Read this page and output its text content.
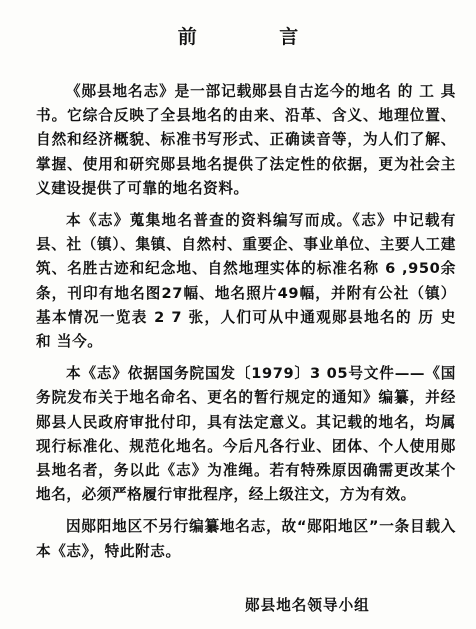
前 言

《郧县地名志》是一部记载郧县自古迄今的地名 的 工 具书。它综合反映了全县地名的由来、沿革、含义、地理位置、自然和经济概貌、标准书写形式、正确读音等，为人们了解、掌握、使用和研究郧县地名提供了法定性的依据，更为社会主义建设提供了可靠的地名资料。

本《志》蒐集地名普查的资料编写而成。《志》中记载有县、社（镇）、集镇、自然村、重要企、事业单位、主要人工建筑、名胜古迹和纪念地、自然地理实体的标准名称 6 ,950余条，刊印有地名图27幅、地名照片49幅，并附有公社（镇）基本情况一览表 2 7 张，人们可从中通观郧县地名的 历 史 和 当今。

本《志》依据国务院国发〔1979〕3 05号文件——《国务院发布关于地名命名、更名的暂行规定的通知》编纂，并经郧县人民政府审批付印，具有法定意义。其记载的地名，均属现行标准化、规范化地名。今后凡各行业、团体、个人使用郧县地名者，务以此《志》为准绳。若有特殊原因确需更改某个地名，必须严格履行审批程序，经上级注文，方为有效。

因郧阳地区不另行编纂地名志，故“郧阳地区”一条目载入本《志》，特此附志。

郧县地名领导小组
